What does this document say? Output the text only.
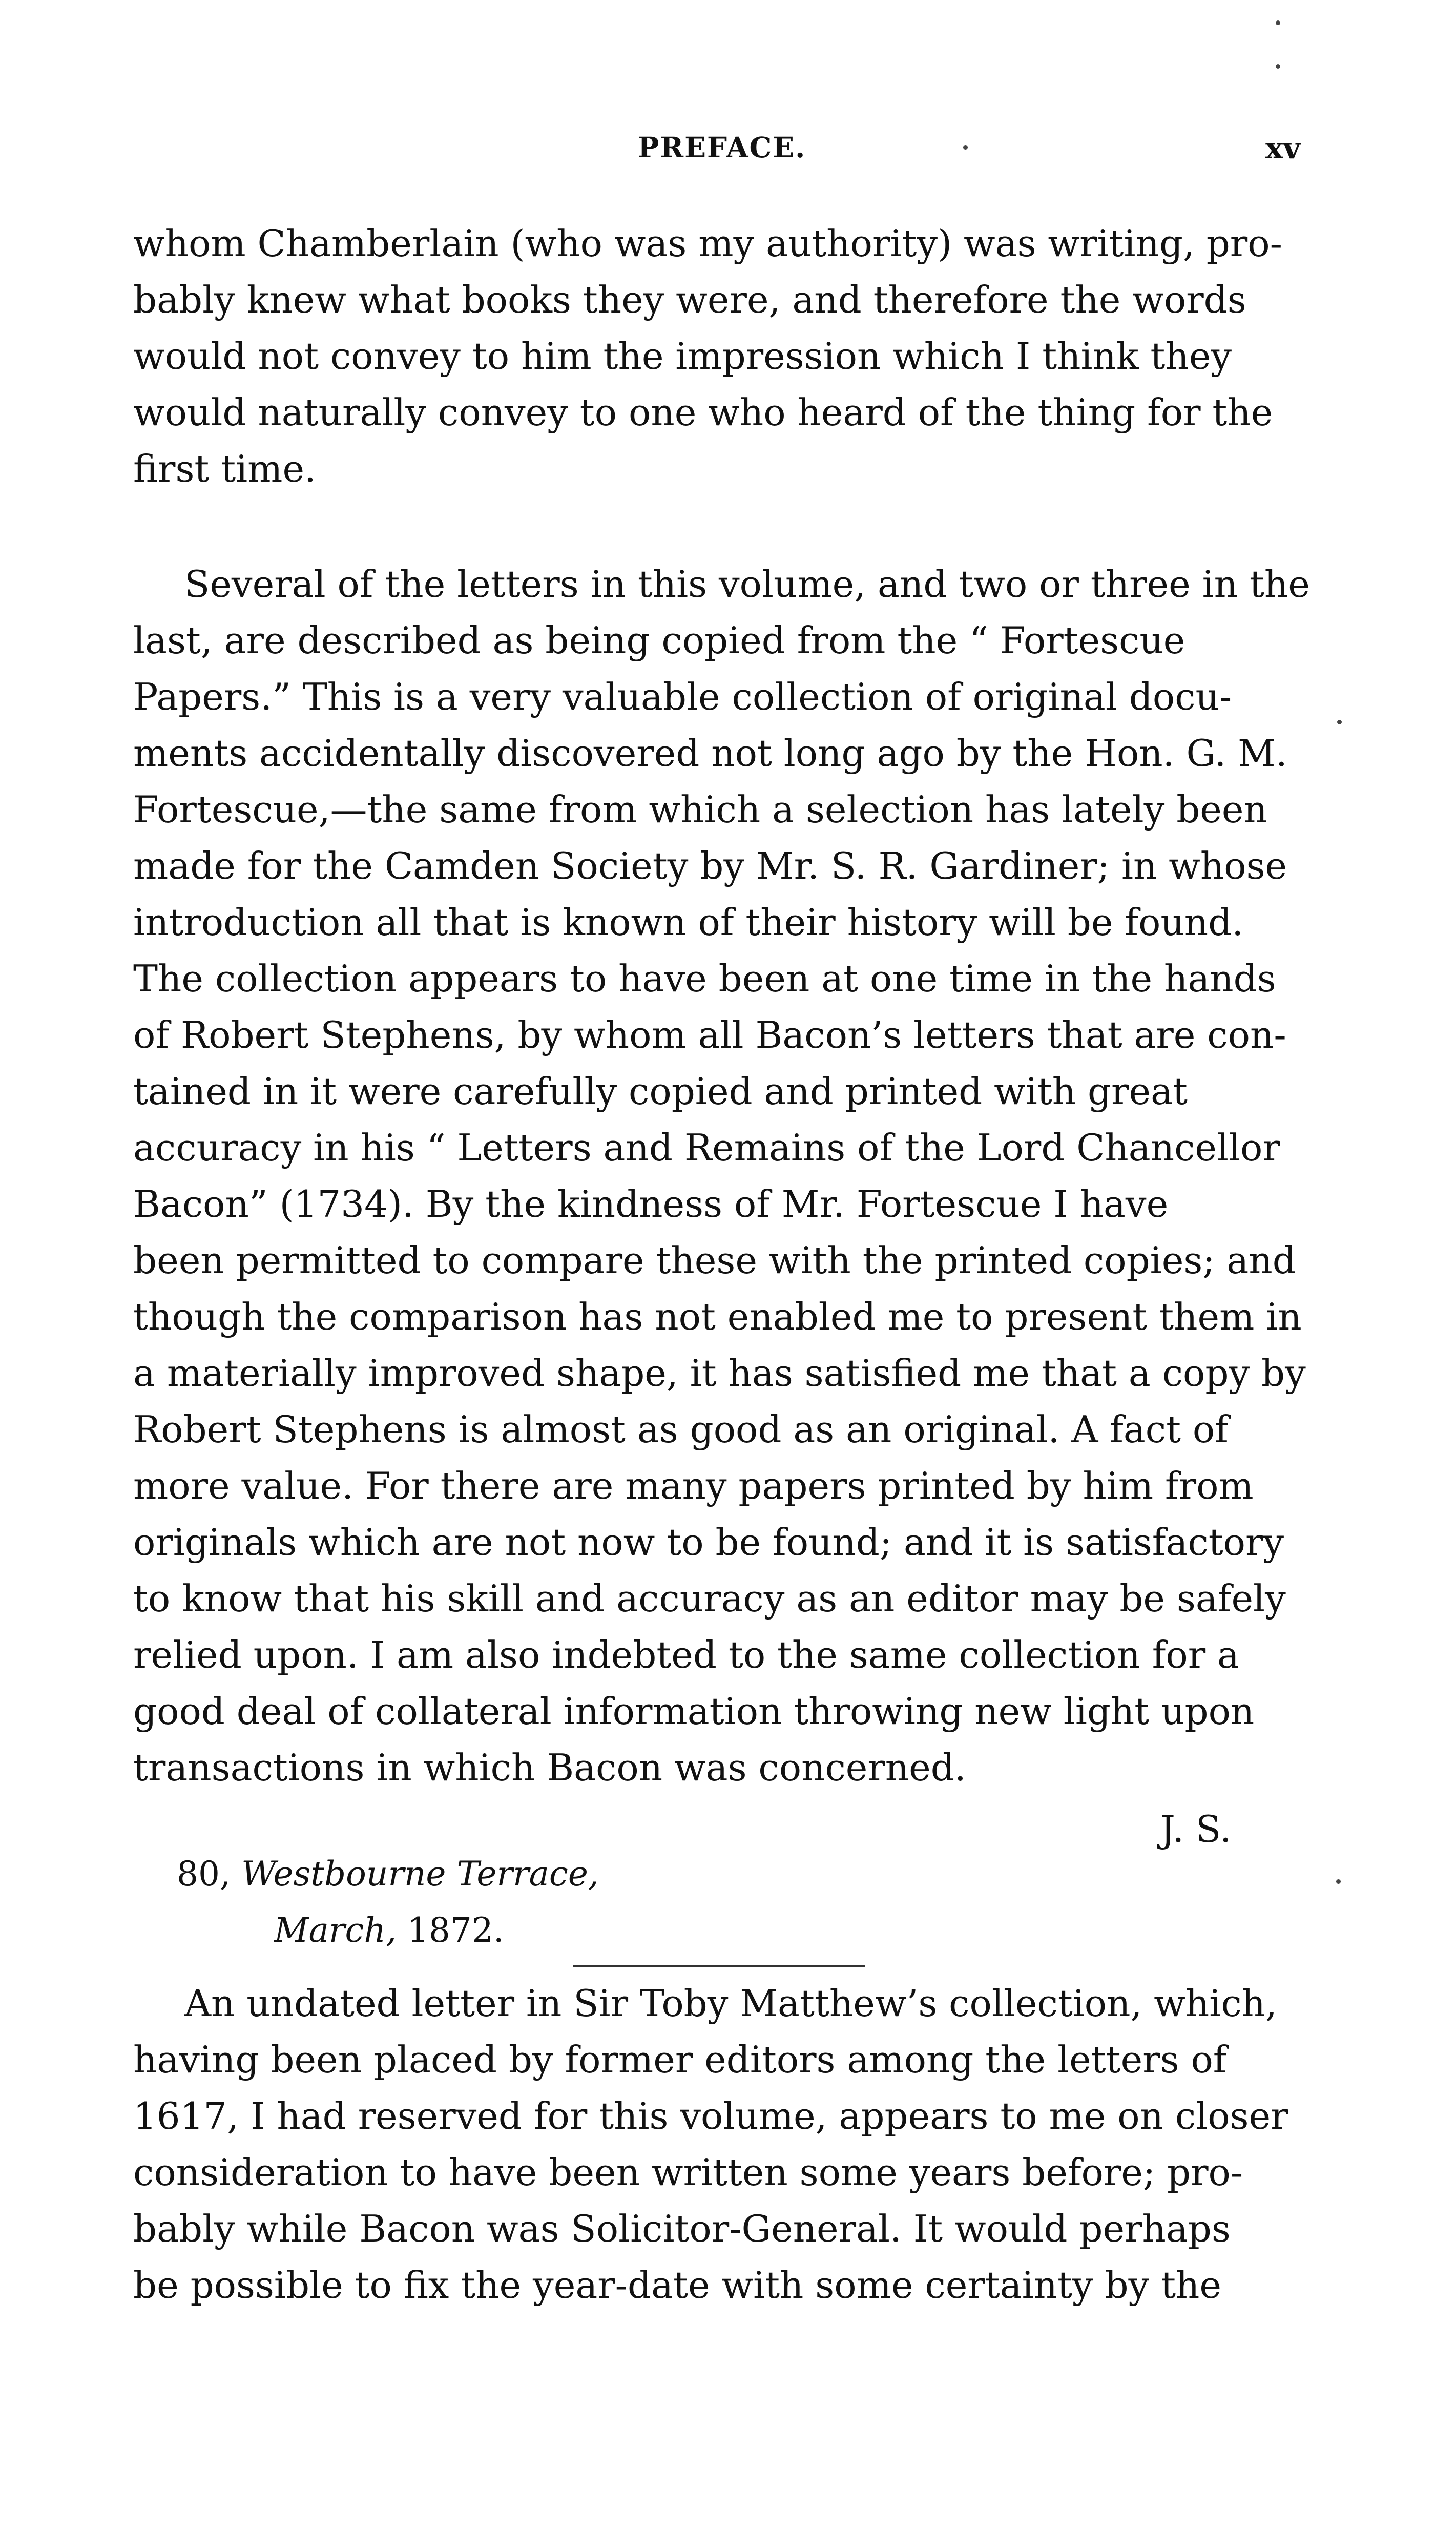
PREFACE.	xv

whom Chamberlain (who was my authority) was writing, pro-
bably knew what books they were, and therefore the words
would not convey to him the impression which I think they
would naturally convey to one who heard of the thing for the
first time.

Several of the letters in this volume, and two or three in the
last, are described as being copied from the “ Fortescue
Papers.” This is a very valuable collection of original docu-
ments accidentally discovered not long ago by the Hon. G. M.
Fortescue,—the same from which a selection has lately been
made for the Camden Society by Mr. S. R. Gardiner; in whose
introduction all that is known of their history will be found.
The collection appears to have been at one time in the hands
of Robert Stephens, by whom all Bacon’s letters that are con-
tained in it were carefully copied and printed with great
accuracy in his “ Letters and Remains of the Lord Chancellor
Bacon” (1734). By the kindness of Mr. Fortescue I have
been permitted to compare these with the printed copies; and
though the comparison has not enabled me to present them in
a materially improved shape, it has satisfied me that a copy by
Robert Stephens is almost as good as an original. A fact of
more value. For there are many papers printed by him from
originals which are not now to be found; and it is satisfactory
to know that his skill and accuracy as an editor may be safely
relied upon. I am also indebted to the same collection for a
good deal of collateral information throwing new light upon
transactions in which Bacon was concerned.

J. S.
80, Westbourne Terrace,
March, 1872.

An undated letter in Sir Toby Matthew’s collection, which,
having been placed by former editors among the letters of
1617, I had reserved for this volume, appears to me on closer
consideration to have been written some years before; pro-
bably while Bacon was Solicitor-General. It would perhaps
be possible to fix the year-date with some certainty by the
